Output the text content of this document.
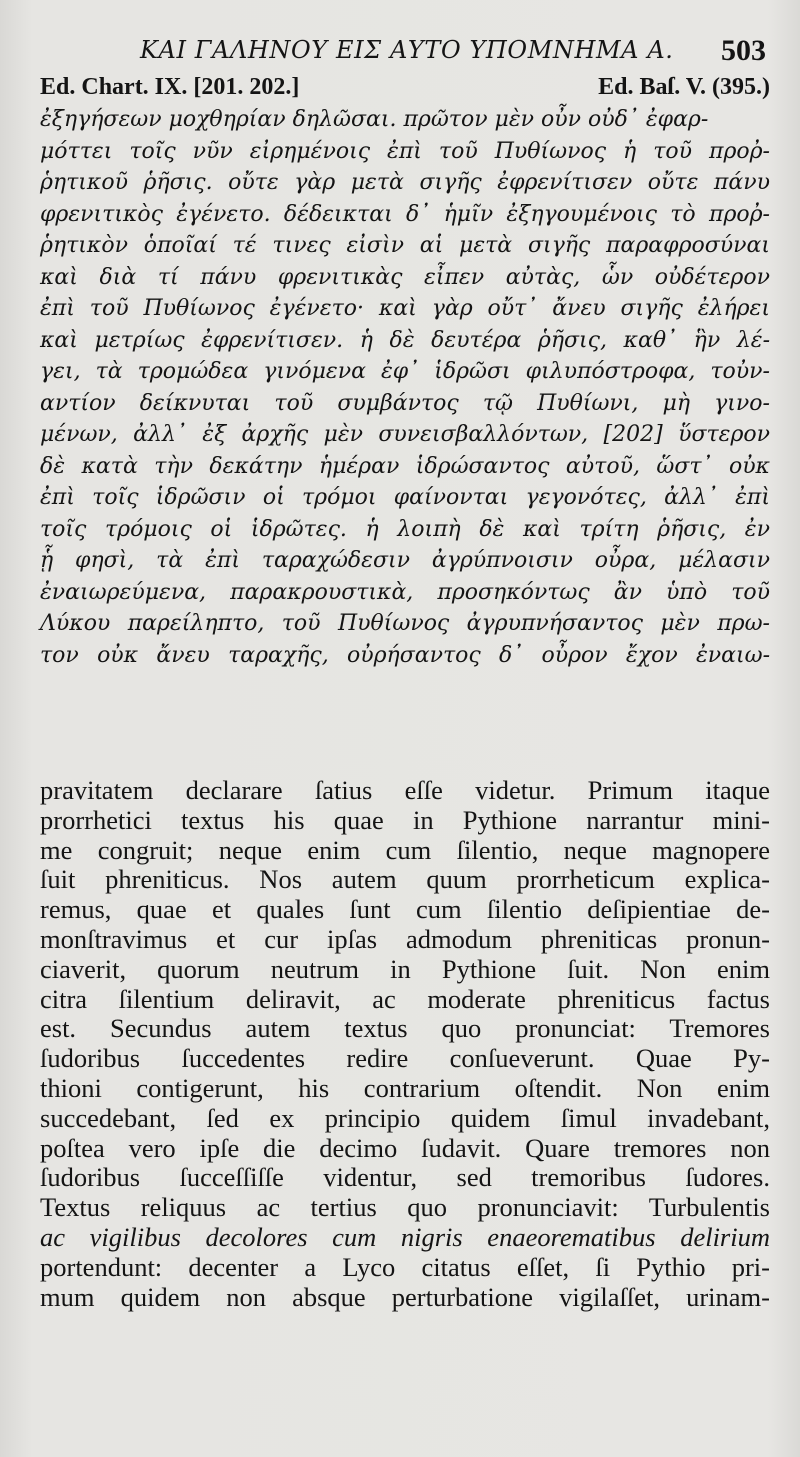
ΚΑΙ ΓΑΛΗΝΟΥ ΕΙΣ ΑΥΤΟ ΥΠΟΜΝΗΜΑ Α. 503
Ed. Chart. IX. [201. 202.]	Ed. Baſ. V. (395.)
ἐξηγήσεων μοχθηρίαν δηλῶσαι. πρῶτον μὲν οὖν οὐδ᾽ ἐφαρ-
μόττει τοῖς νῦν εἰρημένοις ἐπὶ τοῦ Πυθίωνος ἡ τοῦ προῤ-
ῥητικοῦ ῥῆσις. οὔτε γὰρ μετὰ σιγῆς ἐφρενίτισεν οὔτε πάνυ
φρενιτικὸς ἐγένετο. δέδεικται δ᾽ ἡμῖν ἐξηγουμένοις τὸ προῤ-
ῥητικὸν ὁποῖαί τέ τινες εἰσὶν αἱ μετὰ σιγῆς παραφροσύναι
καὶ διὰ τί πάνυ φρενιτικὰς εἶπεν αὐτὰς, ὧν οὐδέτερον
ἐπὶ τοῦ Πυθίωνος ἐγένετο· καὶ γὰρ οὔτ᾽ ἄνευ σιγῆς ἐλήρει
καὶ μετρίως ἐφρενίτισεν. ἡ δὲ δευτέρα ῥῆσις, καθ᾽ ἣν λέ-
γει, τὰ τρομώδεα γινόμενα ἐφ᾽ ἱδρῶσι φιλυπόστροφα, τοὐν-
αντίον δείκνυται τοῦ συμβάντος τῷ Πυθίωνι, μὴ γινο-
μένων, ἀλλ᾽ ἐξ ἀρχῆς μὲν συνεισβαλλόντων, [202] ὕστερον
δὲ κατὰ τὴν δεκάτην ἡμέραν ἱδρώσαντος αὐτοῦ, ὥστ᾽ οὐκ
ἐπὶ τοῖς ἱδρῶσιν οἱ τρόμοι φαίνονται γεγονότες, ἀλλ᾽ ἐπὶ
τοῖς τρόμοις οἱ ἱδρῶτες. ἡ λοιπὴ δὲ καὶ τρίτη ῥῆσις, ἐν
ᾗ φησὶ, τὰ ἐπὶ ταραχώδεσιν ἀγρύπνοισιν οὖρα, μέλασιν
ἐναιωρεύμενα, παρακρουστικὰ, προσηκόντως ἂν ὑπὸ τοῦ
Λύκου παρείληπτο, τοῦ Πυθίωνος ἀγρυπνήσαντος μὲν πρω-
τον οὐκ ἄνευ ταραχῆς, οὐρήσαντος δ᾽ οὖρον ἔχον ἐναιω-
pravitatem declarare ſatius eſſe videtur. Primum itaque
prorrhetici textus his quae in Pythione narrantur mini-
me congruit; neque enim cum ſilentio, neque magnopere
ſuit phreniticus. Nos autem quum prorrheticum explica-
remus, quae et quales ſunt cum ſilentio deſipientiae de-
monſtravimus et cur ipſas admodum phreniticas pronun-
ciaverit, quorum neutrum in Pythione ſuit. Non enim
citra ſilentium deliravit, ac moderate phreniticus factus
est. Secundus autem textus quo pronunciat: Tremores
ſudoribus ſuccedentes redire conſueverunt. Quae Py-
thioni contigerunt, his contrarium oſtendit. Non enim
succedebant, ſed ex principio quidem ſimul invadebant,
poſtea vero ipſe die decimo ſudavit. Quare tremores non
ſudoribus ſucceſſiſſe videntur, sed tremoribus ſudores.
Textus reliquus ac tertius quo pronunciavit: Turbulentis
ac vigilibus decolores cum nigris enaeorematibus delirium
portendunt: decenter a Lyco citatus eſſet, ſi Pythio pri-
mum quidem non absque perturbatione vigilaſſet, urinam-
